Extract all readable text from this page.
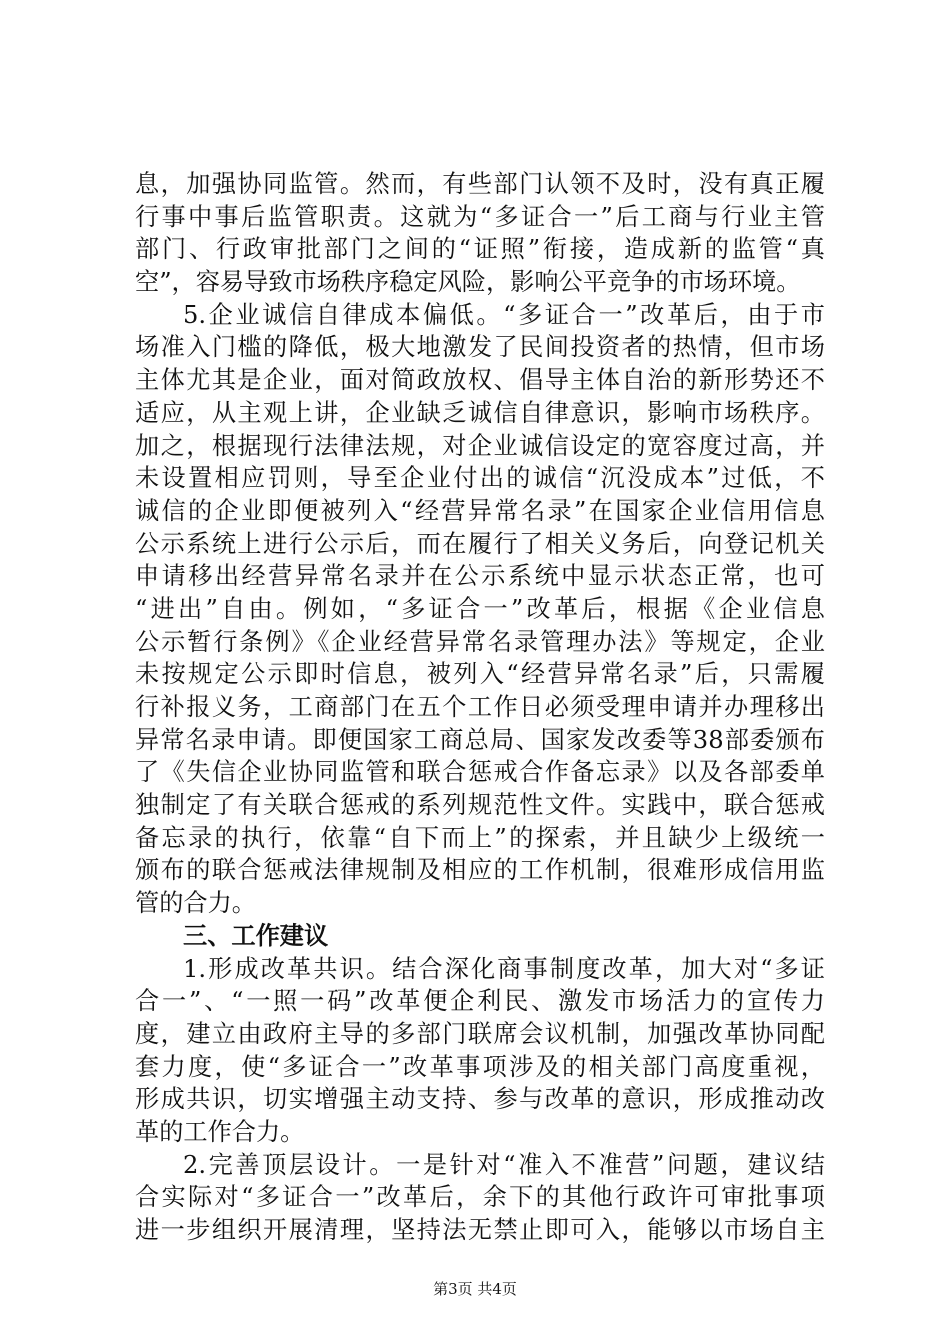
息，加强协同监管。然而，有些部门认领不及时，没有真正履
行事中事后监管职责。这就为“多证合一”后工商与行业主管
部门、行政审批部门之间的“证照”衔接，造成新的监管“真
空”，容易导致市场秩序稳定风险，影响公平竞争的市场环境。
5.企业诚信自律成本偏低。“多证合一”改革后，由于市
场准入门槛的降低，极大地激发了民间投资者的热情，但市场
主体尤其是企业，面对简政放权、倡导主体自治的新形势还不
适应，从主观上讲，企业缺乏诚信自律意识，影响市场秩序。
加之，根据现行法律法规，对企业诚信设定的宽容度过高，并
未设置相应罚则，导至企业付出的诚信“沉没成本”过低，不
诚信的企业即便被列入“经营异常名录”在国家企业信用信息
公示系统上进行公示后，而在履行了相关义务后，向登记机关
申请移出经营异常名录并在公示系统中显示状态正常，也可
“进出”自由。例如，“多证合一”改革后，根据《企业信息
公示暂行条例》《企业经营异常名录管理办法》等规定，企业
未按规定公示即时信息，被列入“经营异常名录”后，只需履
行补报义务，工商部门在五个工作日必须受理申请并办理移出
异常名录申请。即便国家工商总局、国家发改委等38部委颁布
了《失信企业协同监管和联合惩戒合作备忘录》以及各部委单
独制定了有关联合惩戒的系列规范性文件。实践中，联合惩戒
备忘录的执行，依靠“自下而上”的探索，并且缺少上级统一
颁布的联合惩戒法律规制及相应的工作机制，很难形成信用监
管的合力。
三、工作建议
1.形成改革共识。结合深化商事制度改革，加大对“多证
合一”、“一照一码”改革便企利民、激发市场活力的宣传力
度，建立由政府主导的多部门联席会议机制，加强改革协同配
套力度，使“多证合一”改革事项涉及的相关部门高度重视，
形成共识，切实增强主动支持、参与改革的意识，形成推动改
革的工作合力。
2.完善顶层设计。一是针对“准入不准营”问题，建议结
合实际对“多证合一”改革后，余下的其他行政许可审批事项
进一步组织开展清理，坚持法无禁止即可入，能够以市场自主
第3页 共4页
